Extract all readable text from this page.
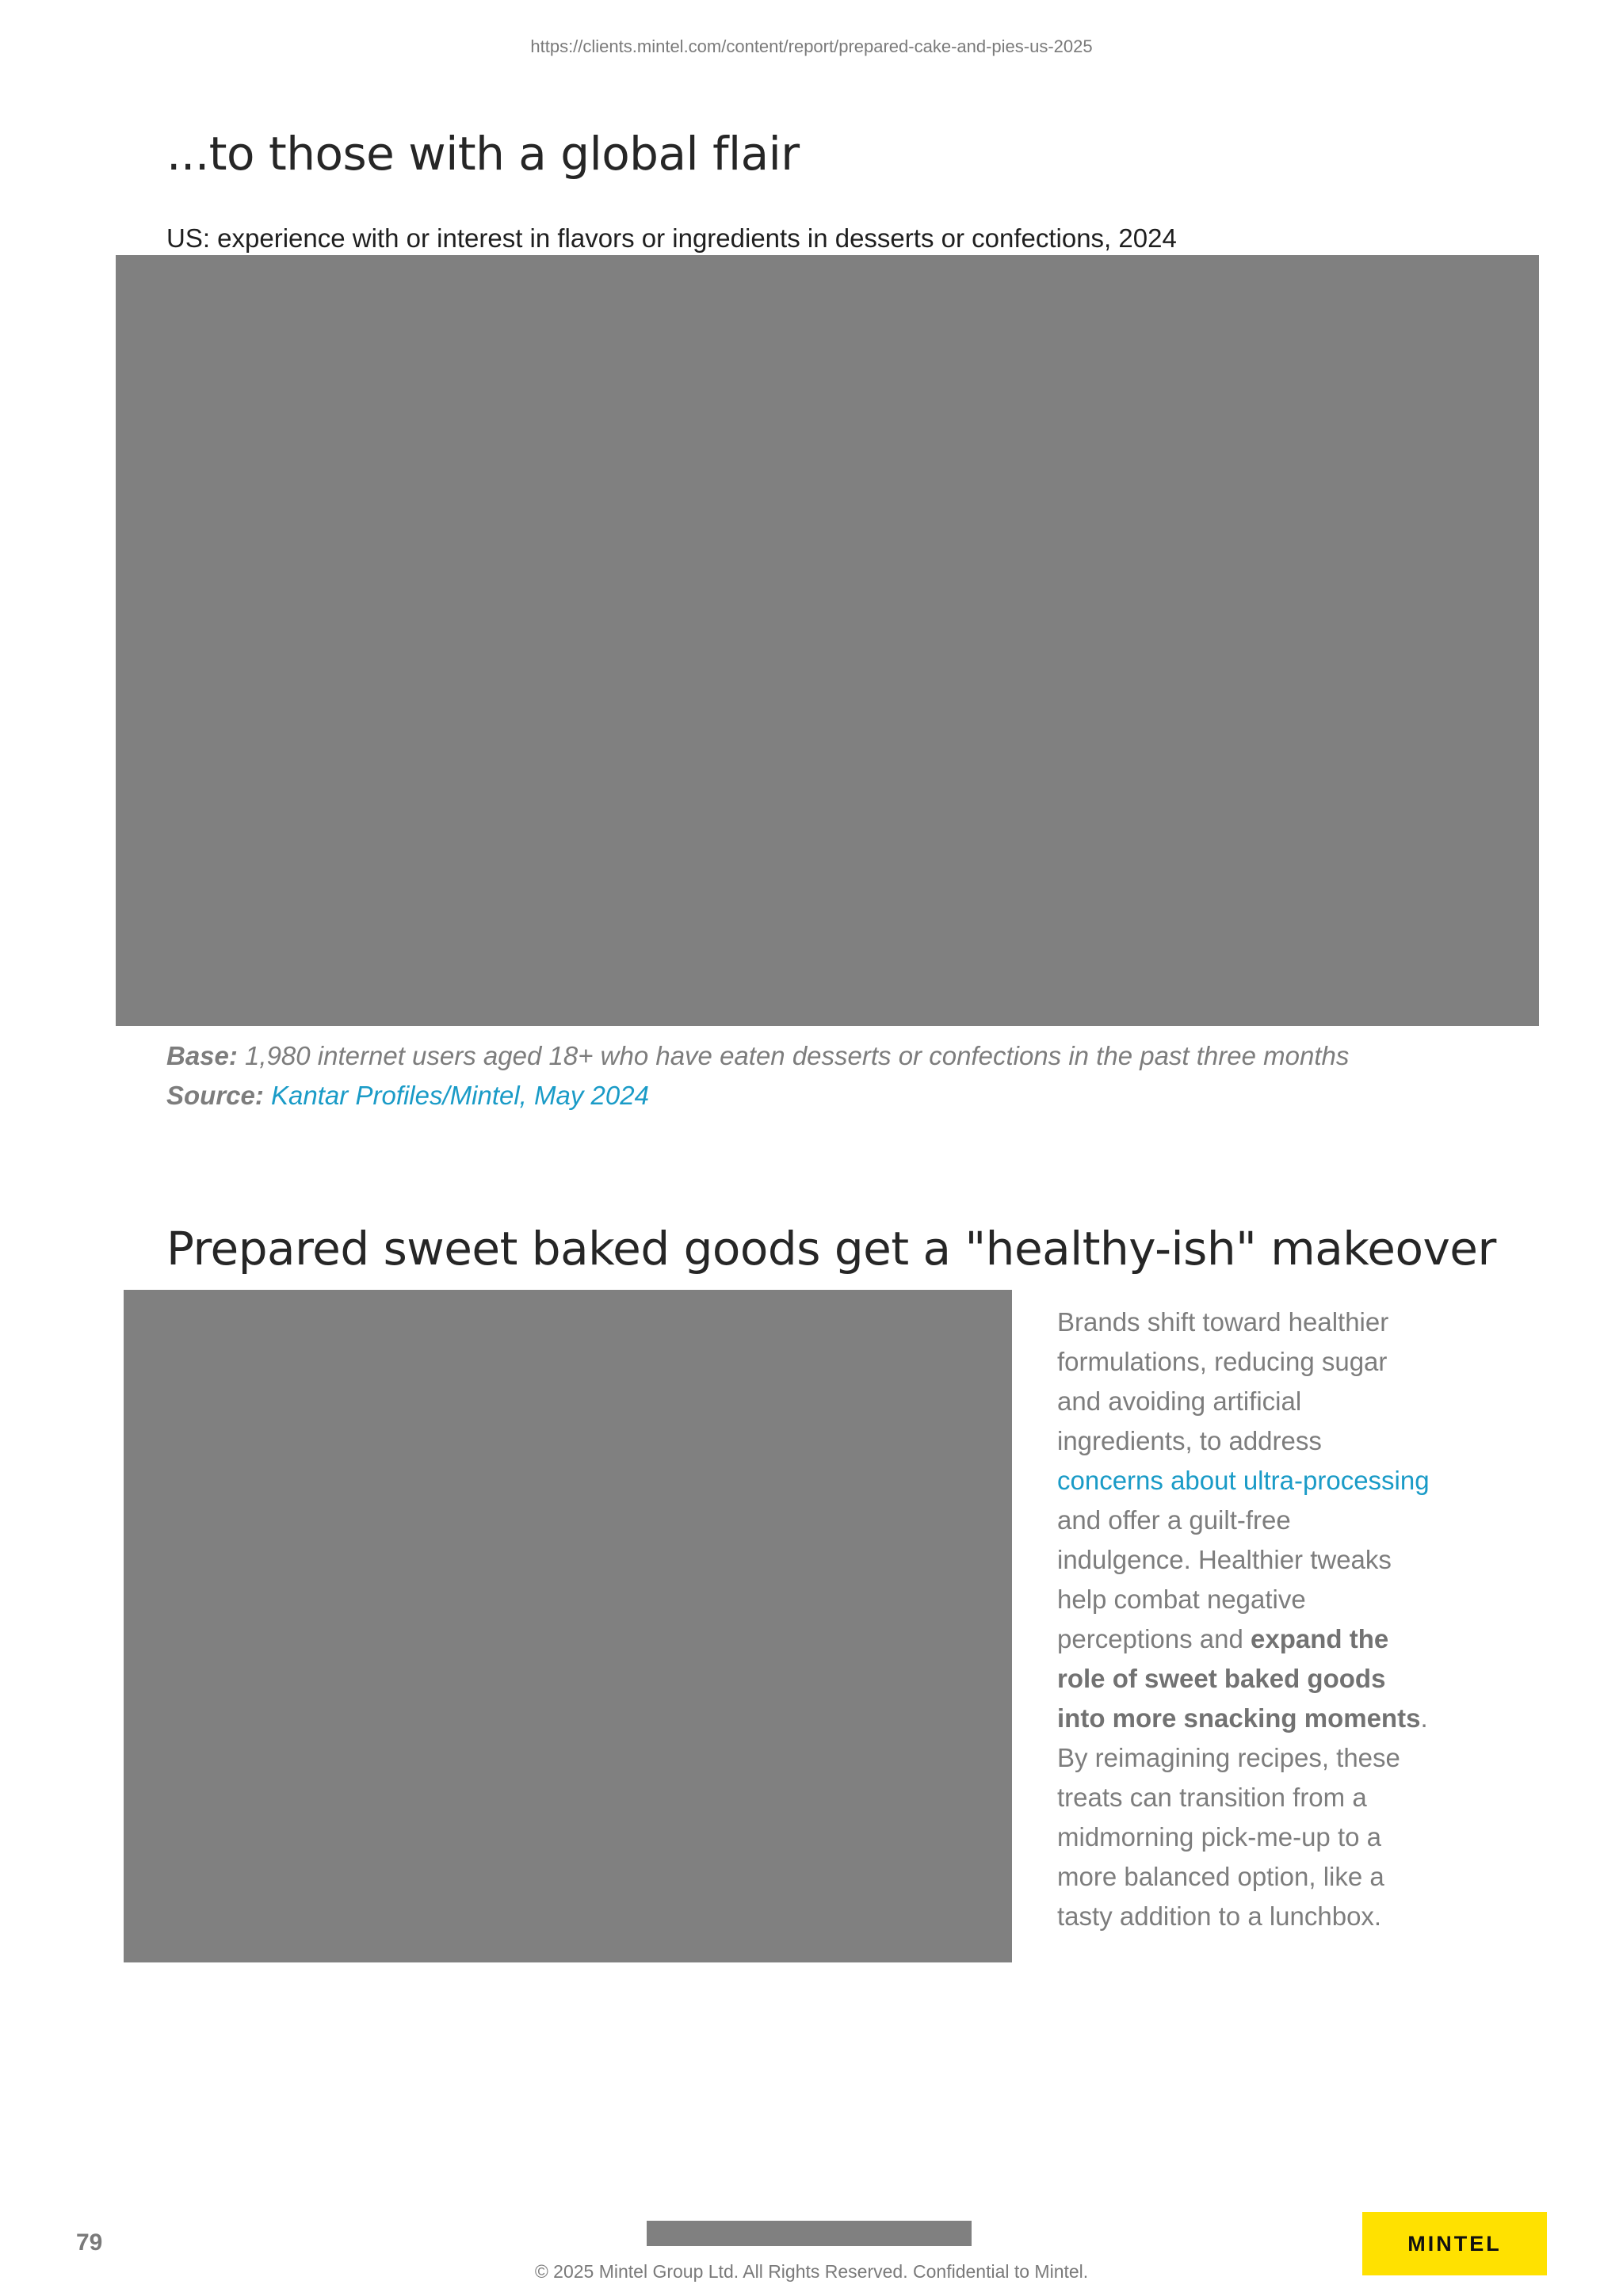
https://clients.mintel.com/content/report/prepared-cake-and-pies-us-2025
...to those with a global flair
US: experience with or interest in flavors or ingredients in desserts or confections, 2024
Base: 1,980 internet users aged 18+ who have eaten desserts or confections in the past three months
Source: Kantar Profiles/Mintel, May 2024
Prepared sweet baked goods get a "healthy-ish" makeover
Brands shift toward healthier formulations, reducing sugar and avoiding artificial ingredients, to address concerns about ultra-processing and offer a guilt-free indulgence. Healthier tweaks help combat negative perceptions and expand the role of sweet baked goods into more snacking moments. By reimagining recipes, these treats can transition from a midmorning pick-me-up to a more balanced option, like a tasty addition to a lunchbox.
79
© 2025 Mintel Group Ltd. All Rights Reserved. Confidential to Mintel.
MINTEL
